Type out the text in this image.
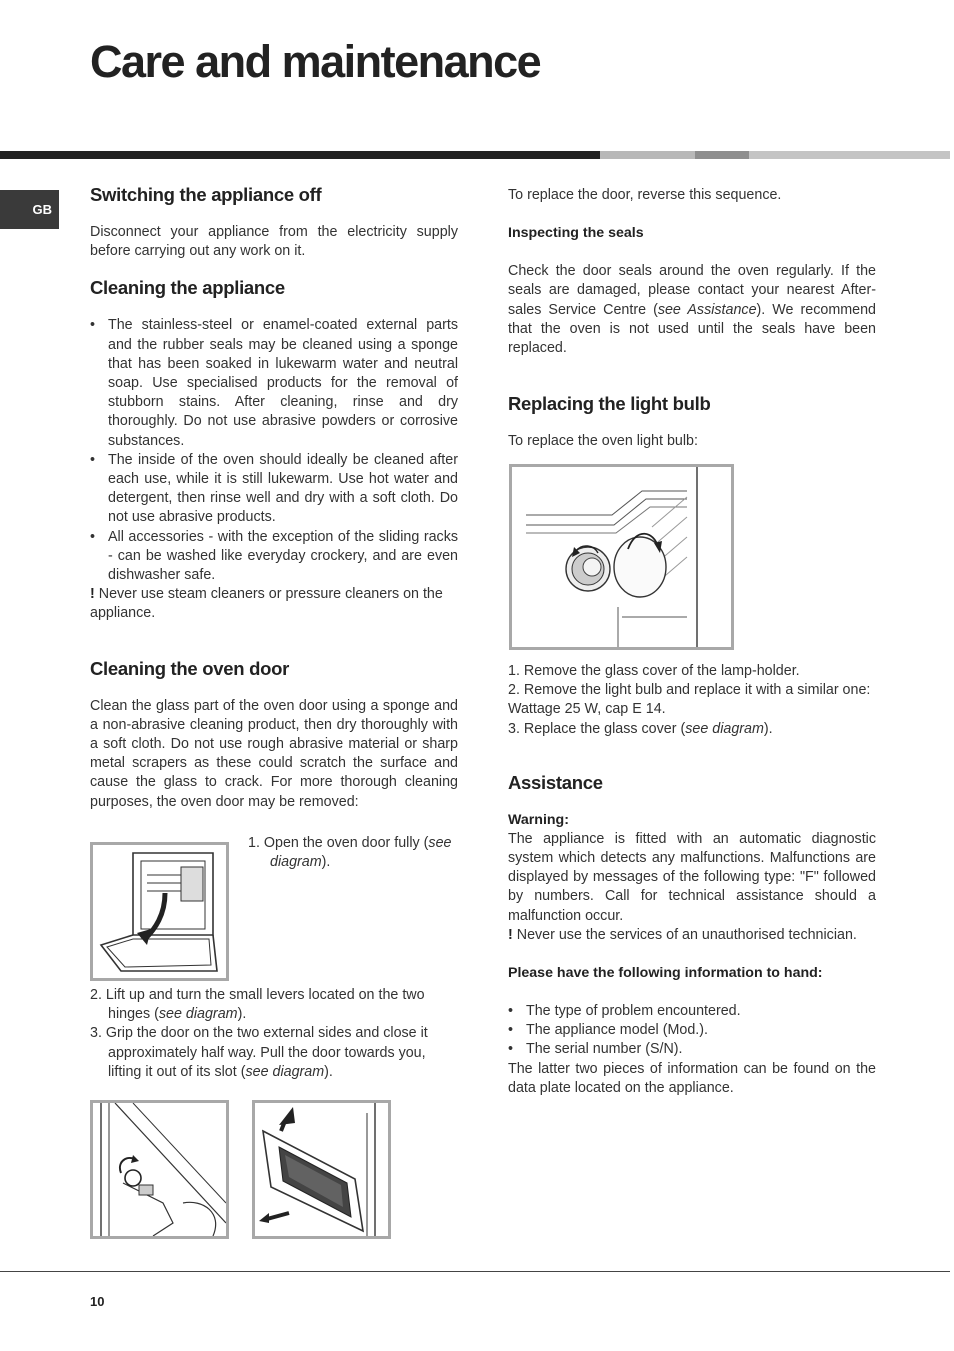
Care and maintenance
GB
Switching the appliance off

Disconnect your appliance from the electricity supply before carrying out any work on it.

Cleaning the appliance
• The stainless-steel or enamel-coated external parts and the rubber seals may be cleaned using a sponge that has been soaked in lukewarm water and neutral soap. Use specialised products for the removal of stubborn stains. After cleaning, rinse and dry thoroughly. Do not use abrasive powders or corrosive substances.
• The inside of the oven should ideally be cleaned after each use, while it is still lukewarm. Use hot water and detergent, then rinse well and dry with a soft cloth. Do not use abrasive products.
• All accessories - with the exception of the sliding racks - can be washed like everyday crockery, and are even dishwasher safe.

! Never use steam cleaners or pressure cleaners on the appliance.

Cleaning the oven door

Clean the glass part of the oven door using a sponge and a non-abrasive cleaning product, then dry thoroughly with a soft cloth. Do not use rough abrasive material or sharp metal scrapers as these could scratch the surface and cause the glass to crack. For more thorough cleaning purposes, the oven door may be removed:

1. Open the oven door fully (see diagram).

2. Lift up and turn the small levers located on the two hinges (see diagram).

3. Grip the door on the two external sides and close it approximately half way. Pull the door towards you, lifting it out of its slot (see diagram).

To replace the door, reverse this sequence.

Inspecting the seals

Check the door seals around the oven regularly. If the seals are damaged, please contact your nearest After-sales Service Centre (see Assistance). We recommend that the oven is not used until the seals have been replaced.

Replacing the light bulb

To replace the oven light bulb:

1. Remove the glass cover of the lamp-holder.

2. Remove the light bulb and replace it with a similar one: Wattage 25 W, cap E 14.

3. Replace the glass cover (see diagram).

Assistance
Warning:

The appliance is fitted with an automatic diagnostic system which detects any malfunctions. Malfunctions are displayed by messages of the following type: "F" followed by numbers. Call for technical assistance should a malfunction occur.

! Never use the services of an unauthorised technician.

Please have the following information to hand:
• The type of problem encountered.
• The appliance model (Mod.).
• The serial number (S/N).

The latter two pieces of information can be found on the data plate located on the appliance.

10
